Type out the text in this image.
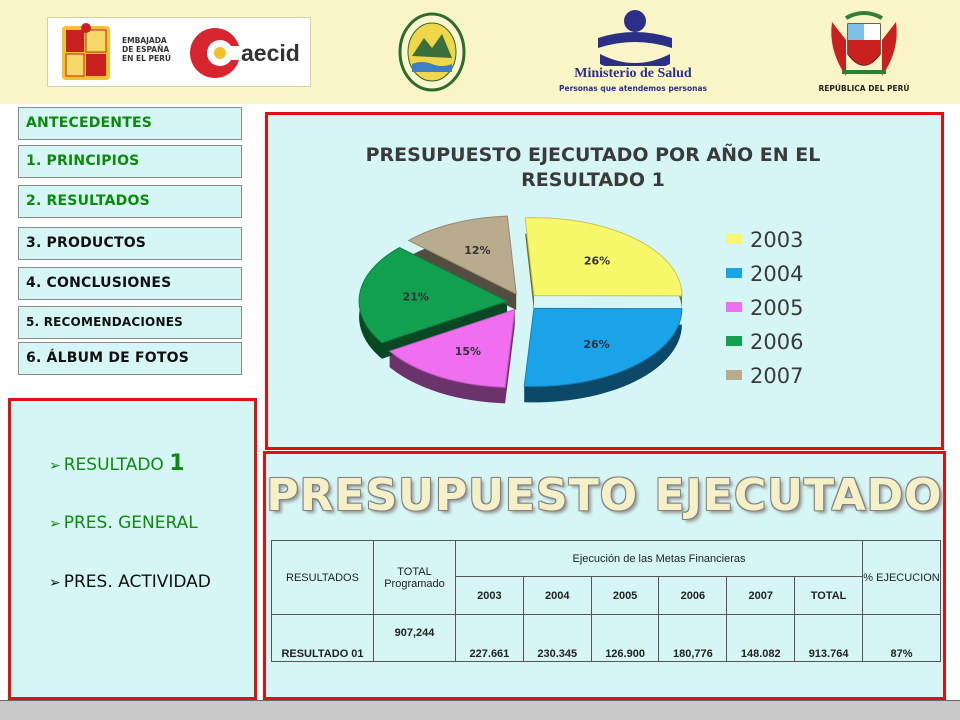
EMBAJADA
DE ESPAÑA
EN EL PERÚ	aecid
Ministerio de Salud
Personas que atendemos personas	REPÚBLICA DEL PERÚ
ANTECEDENTES
1. PRINCIPIOS
2. RESULTADOS
3. PRODUCTOS
4. CONCLUSIONES
5. RECOMENDACIONES
6. ÁLBUM DE FOTOS
➢ RESULTADO 1
➢ PRES. GENERAL
➢ PRES. ACTIVIDAD
PRESUPUESTO EJECUTADO POR AÑO EN EL RESULTADO 1
26%
26%
15%
21%
12%	2003
2004
2005
2006
2007
PRESUPUESTO EJECUTADO
RESULTADOS	TOTAL Programado	Ejecución de las Metas Financieras						% EJECUCION
		2003	2004	2005	2006	2007	TOTAL	
RESULTADO 01	907,244	227.661	230.345	126.900	180,776	148.082	913.764	87%
